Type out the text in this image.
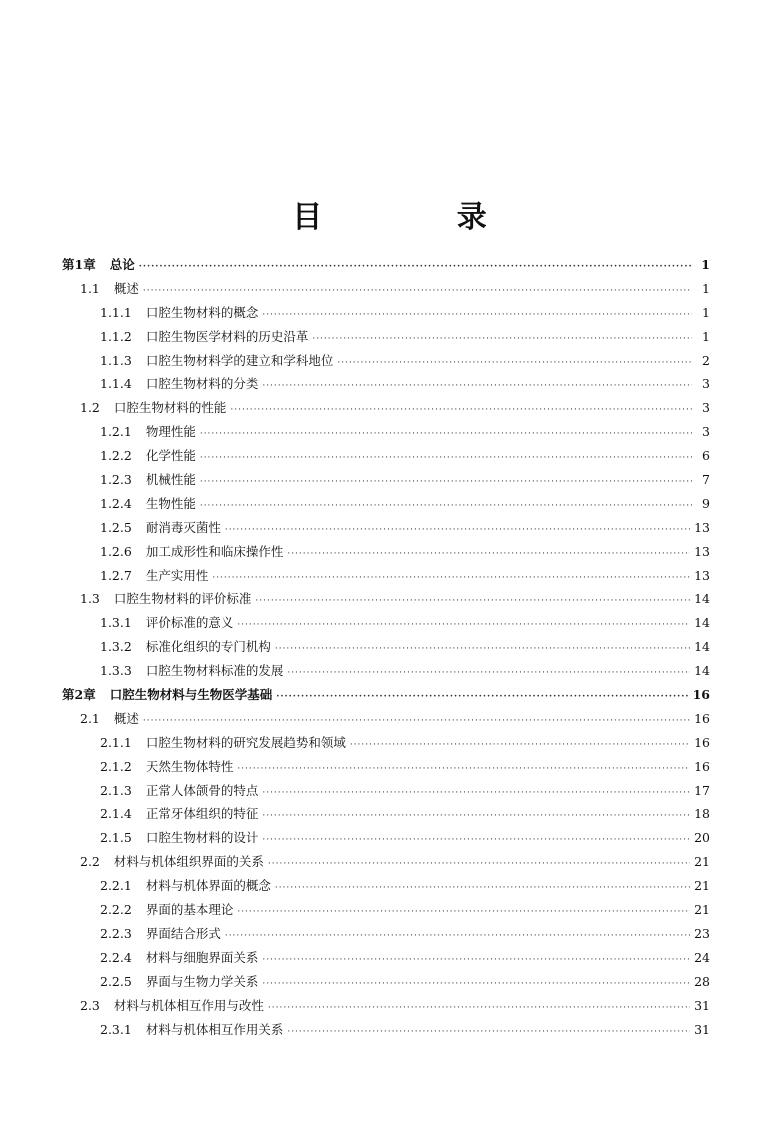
目 录
第1章 总论 ·····	1
1.1 概述 ·····	1
1.1.1 口腔生物材料的概念 ·····	1
1.1.2 口腔生物医学材料的历史沿革 ·····	1
1.1.3 口腔生物材料学的建立和学科地位 ·····	2
1.1.4 口腔生物材料的分类 ·····	3
1.2 口腔生物材料的性能 ·····	3
1.2.1 物理性能 ·····	3
1.2.2 化学性能 ·····	6
1.2.3 机械性能 ·····	7
1.2.4 生物性能 ·····	9
1.2.5 耐消毒灭菌性 ·····	13
1.2.6 加工成形性和临床操作性 ·····	13
1.2.7 生产实用性 ·····	13
1.3 口腔生物材料的评价标准 ·····	14
1.3.1 评价标准的意义 ·····	14
1.3.2 标准化组织的专门机构 ·····	14
1.3.3 口腔生物材料标准的发展 ·····	14
第2章 口腔生物材料与生物医学基础 ·····	16
2.1 概述 ·····	16
2.1.1 口腔生物材料的研究发展趋势和领域 ·····	16
2.1.2 天然生物体特性 ·····	16
2.1.3 正常人体颌骨的特点 ·····	17
2.1.4 正常牙体组织的特征 ·····	18
2.1.5 口腔生物材料的设计 ·····	20
2.2 材料与机体组织界面的关系 ·····	21
2.2.1 材料与机体界面的概念 ·····	21
2.2.2 界面的基本理论 ·····	21
2.2.3 界面结合形式 ·····	23
2.2.4 材料与细胞界面关系 ·····	24
2.2.5 界面与生物力学关系 ·····	28
2.3 材料与机体相互作用与改性 ·····	31
2.3.1 材料与机体相互作用关系 ·····	31
